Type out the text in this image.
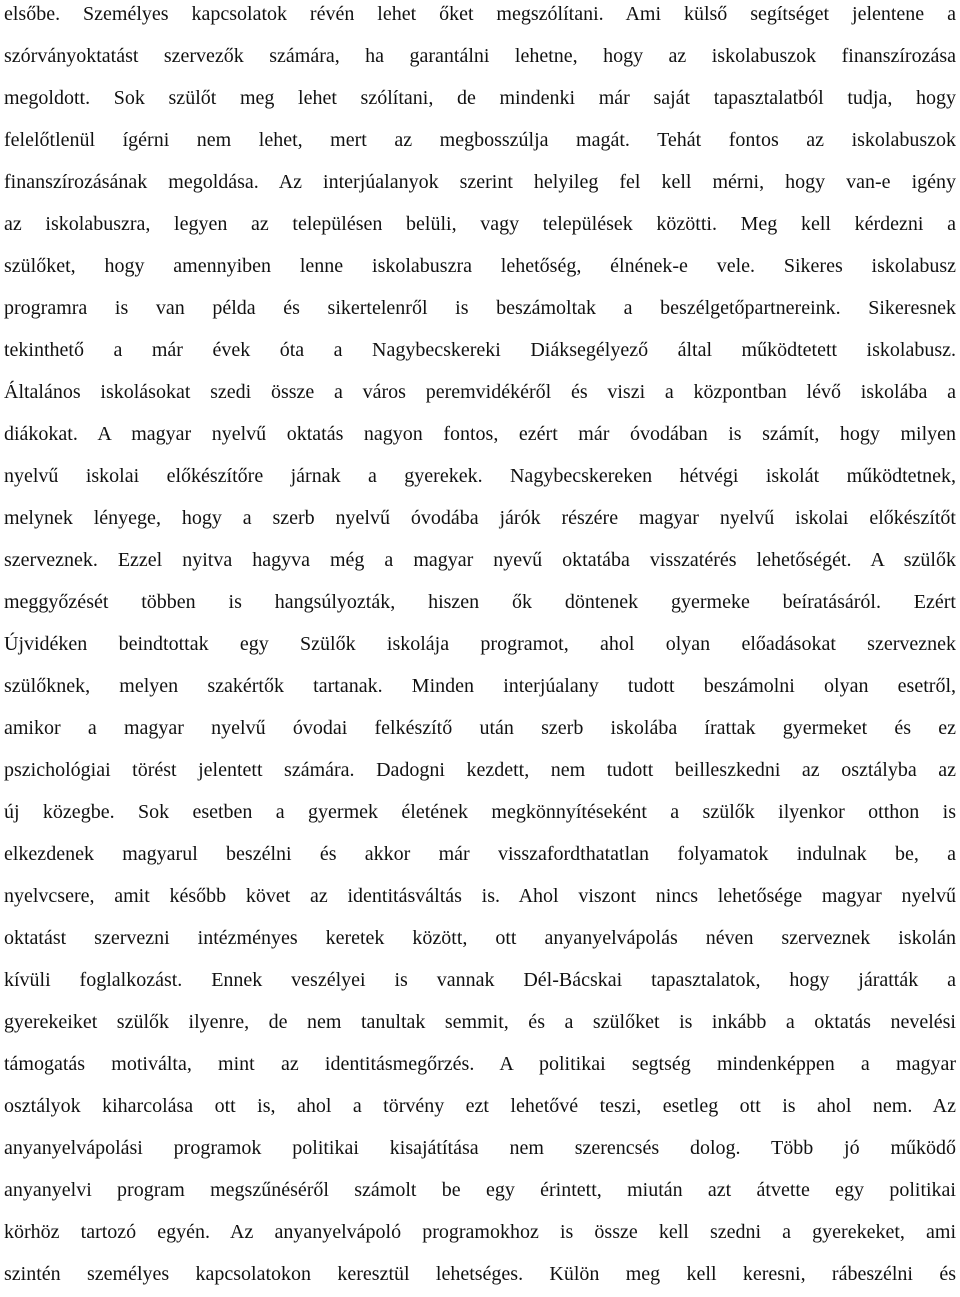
elsőbe. Személyes kapcsolatok révén lehet őket megszólítani. Ami külső segítséget jelentene a
szórványoktatást szervezők számára, ha garantálni lehetne, hogy az iskolabuszok finanszírozása
megoldott. Sok szülőt meg lehet szólítani, de mindenki már saját tapasztalatból tudja, hogy
felelőtlenül ígérni nem lehet, mert az megbosszúlja magát. Tehát fontos az iskolabuszok
finanszírozásának megoldása. Az interjúalanyok szerint helyileg fel kell mérni, hogy van-e igény
az iskolabuszra, legyen az településen belüli, vagy települések közötti. Meg kell kérdezni a
szülőket, hogy amennyiben lenne iskolabuszra lehetőség, élnének-e vele. Sikeres iskolabusz
programra is van példa és sikertelenről is beszámoltak a beszélgetőpartnereink. Sikeresnek
tekinthető a már évek óta a Nagybecskereki Diáksegélyező által működtetett iskolabusz.
Általános iskolásokat szedi össze a város peremvidékéről és viszi a központban lévő iskolába a
diákokat. A magyar nyelvű oktatás nagyon fontos, ezért már óvodában is számít, hogy milyen
nyelvű iskolai előkészítőre járnak a gyerekek. Nagybecskereken hétvégi iskolát működtetnek,
melynek lényege, hogy a szerb nyelvű óvodába járók részére magyar nyelvű iskolai előkészítőt
szerveznek. Ezzel nyitva hagyva még a magyar nyevű oktatába visszatérés lehetőségét. A szülők
meggyőzését többen is hangsúlyozták, hiszen ők döntenek gyermeke beíratásáról. Ezért
Újvidéken beindtottak egy Szülők iskolája programot, ahol olyan előadásokat szerveznek
szülőknek, melyen szakértők tartanak. Minden interjúalany tudott beszámolni olyan esetről,
amikor a magyar nyelvű óvodai felkészítő után szerb iskolába írattak gyermeket és ez
pszichológiai törést jelentett számára. Dadogni kezdett, nem tudott beilleszkedni az osztályba az
új közegbe. Sok esetben a gyermek életének megkönnyítéseként a szülők ilyenkor otthon is
elkezdenek magyarul beszélni és akkor már visszafordthatatlan folyamatok indulnak be, a
nyelvcsere, amit később követ az identitásváltás is. Ahol viszont nincs lehetősége magyar nyelvű
oktatást szervezni intézményes keretek között, ott anyanyelvápolás néven szerveznek iskolán
kívüli foglalkozást. Ennek veszélyei is vannak Dél-Bácskai tapasztalatok, hogy járatták a
gyerekeiket szülők ilyenre, de nem tanultak semmit, és a szülőket is inkább a oktatás nevelési
támogatás motiválta, mint az identitásmegőrzés. A politikai segtség mindenképpen a magyar
osztályok kiharcolása ott is, ahol a törvény ezt lehetővé teszi, esetleg ott is ahol nem. Az
anyanyelvápolási programok politikai kisajátítása nem szerencsés dolog. Több jó működő
anyanyelvi program megszűnéséről számolt be egy érintett, miután azt átvette egy politikai
körhöz tartozó egyén. Az anyanyelvápoló programokhoz is össze kell szedni a gyerekeket, ami
szintén személyes kapcsolatokon keresztül lehetséges. Külön meg kell keresni, rábeszélni és
